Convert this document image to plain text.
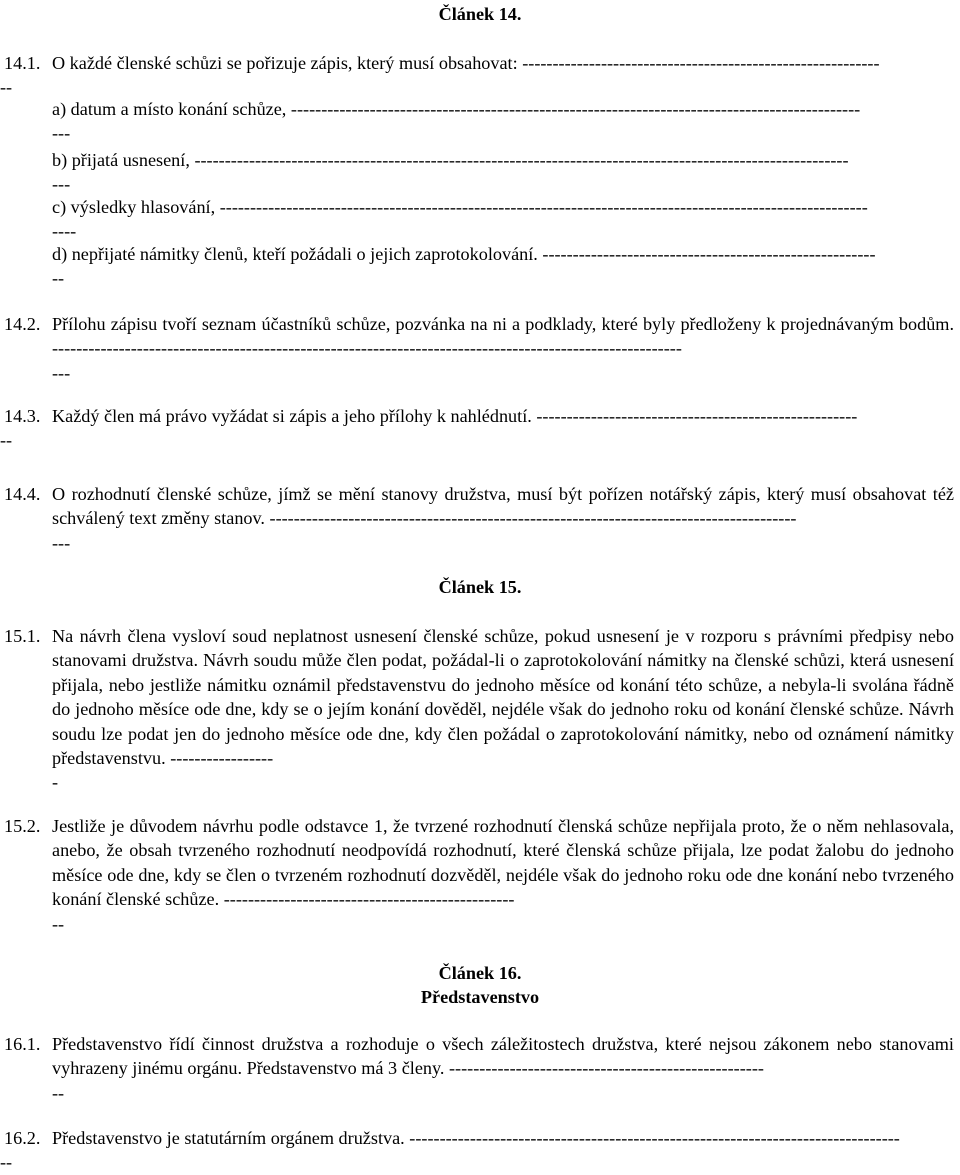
Článek 14.
14.1. O každé členské schůzi se pořizuje zápis, který musí obsahovat: -----------------------------------------------------------
--
a) datum a místo konání schůze, ----------------------------------------------------------------------------------------------
---
b) přijatá usnesení, ------------------------------------------------------------------------------------------------------------
---
c) výsledky hlasování, -----------------------------------------------------------------------------------------------------------
----
d) nepřijaté námitky členů, kteří požádali o jejich zaprotokolování. -------------------------------------------------------
--
14.2. Přílohu zápisu tvoří seznam účastníků schůze, pozvánka na ni a podklady, které byly předloženy k projednávaným bodům. --------------------------------------------------------------------------------------------------------
---
14.3. Každý člen má právo vyžádat si zápis a jeho přílohy k nahlédnutí. -----------------------------------------------------
--
14.4. O rozhodnutí členské schůze, jímž se mění stanovy družstva, musí být pořízen notářský zápis, který musí obsahovat též schválený text změny stanov. ---------------------------------------------------------------------------------------
---
Článek 15.
15.1. Na návrh člena vysloví soud neplatnost usnesení členské schůze, pokud usnesení je v rozporu s právními předpisy nebo stanovami družstva. Návrh soudu může člen podat, požádal-li o zaprotokolování námitky na členské schůzi, která usnesení přijala, nebo jestliže námitku oznámil představenstvu do jednoho měsíce od konání této schůze, a nebyla-li svolána řádně do jednoho měsíce ode dne, kdy se o jejím konání dověděl, nejdéle však do jednoho roku od konání členské schůze. Návrh soudu lze podat jen do jednoho měsíce ode dne, kdy člen požádal o zaprotokolování námitky, nebo od oznámení námitky představenstvu. -----------------
-
15.2. Jestliže je důvodem návrhu podle odstavce 1, že tvrzené rozhodnutí členská schůze nepřijala proto, že o něm nehlasovala, anebo, že obsah tvrzeného rozhodnutí neodpovídá rozhodnutí, které členská schůze přijala, lze podat žalobu do jednoho měsíce ode dne, kdy se člen o tvrzeném rozhodnutí dozvěděl, nejdéle však do jednoho roku ode dne konání nebo tvrzeného konání členské schůze. ------------------------------------------------
--
Článek 16.
Představenstvo
16.1. Představenstvo řídí činnost družstva a rozhoduje o všech záležitostech družstva, které nejsou zákonem nebo stanovami vyhrazeny jinému orgánu. Představenstvo má 3 členy. ----------------------------------------------------
--
16.2. Představenstvo je statutárním orgánem družstva. ---------------------------------------------------------------------------------
--
